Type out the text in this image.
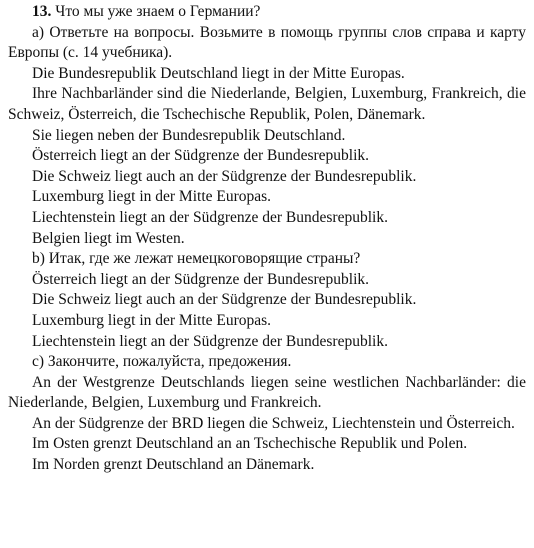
13. Что мы уже знаем о Германии?

а) Ответьте на вопросы. Возьмите в помощь группы слов справа и карту Европы (с. 14 учебника).

Die Bundesrepublik Deutschland liegt in der Mitte Europas.

Ihre Nachbarländer sind die Niederlande, Belgien, Luxemburg, Frankreich, die Schweiz, Österreich, die Tschechische Republik, Polen, Dänemark.

Sie liegen neben der Bundesrepublik Deutschland.

Österreich liegt an der Südgrenze der Bundesrepublik.

Die Schweiz liegt auch an der Südgrenze der Bundesrepublik.

Luxemburg liegt in der Mitte Europas.

Liechtenstein liegt an der Südgrenze der Bundesrepublik.

Belgien liegt im Westen.

b) Итак, где же лежат немецкоговорящие страны?

Österreich liegt an der Südgrenze der Bundesrepublik.

Die Schweiz liegt auch an der Südgrenze der Bundesrepublik.

Luxemburg liegt in der Mitte Europas.

Liechtenstein liegt an der Südgrenze der Bundesrepublik.

с) Закончите, пожалуйста, предожения.

An der Westgrenze Deutschlands liegen seine westlichen Nachbarländer: die Niederlande, Belgien, Luxemburg und Frankreich.

An der Südgrenze der BRD liegen die Schweiz, Liechtenstein und Österreich.

Im Osten grenzt Deutschland an an Tschechische Republik und Polen.

Im Norden grenzt Deutschland an Dänemark.
